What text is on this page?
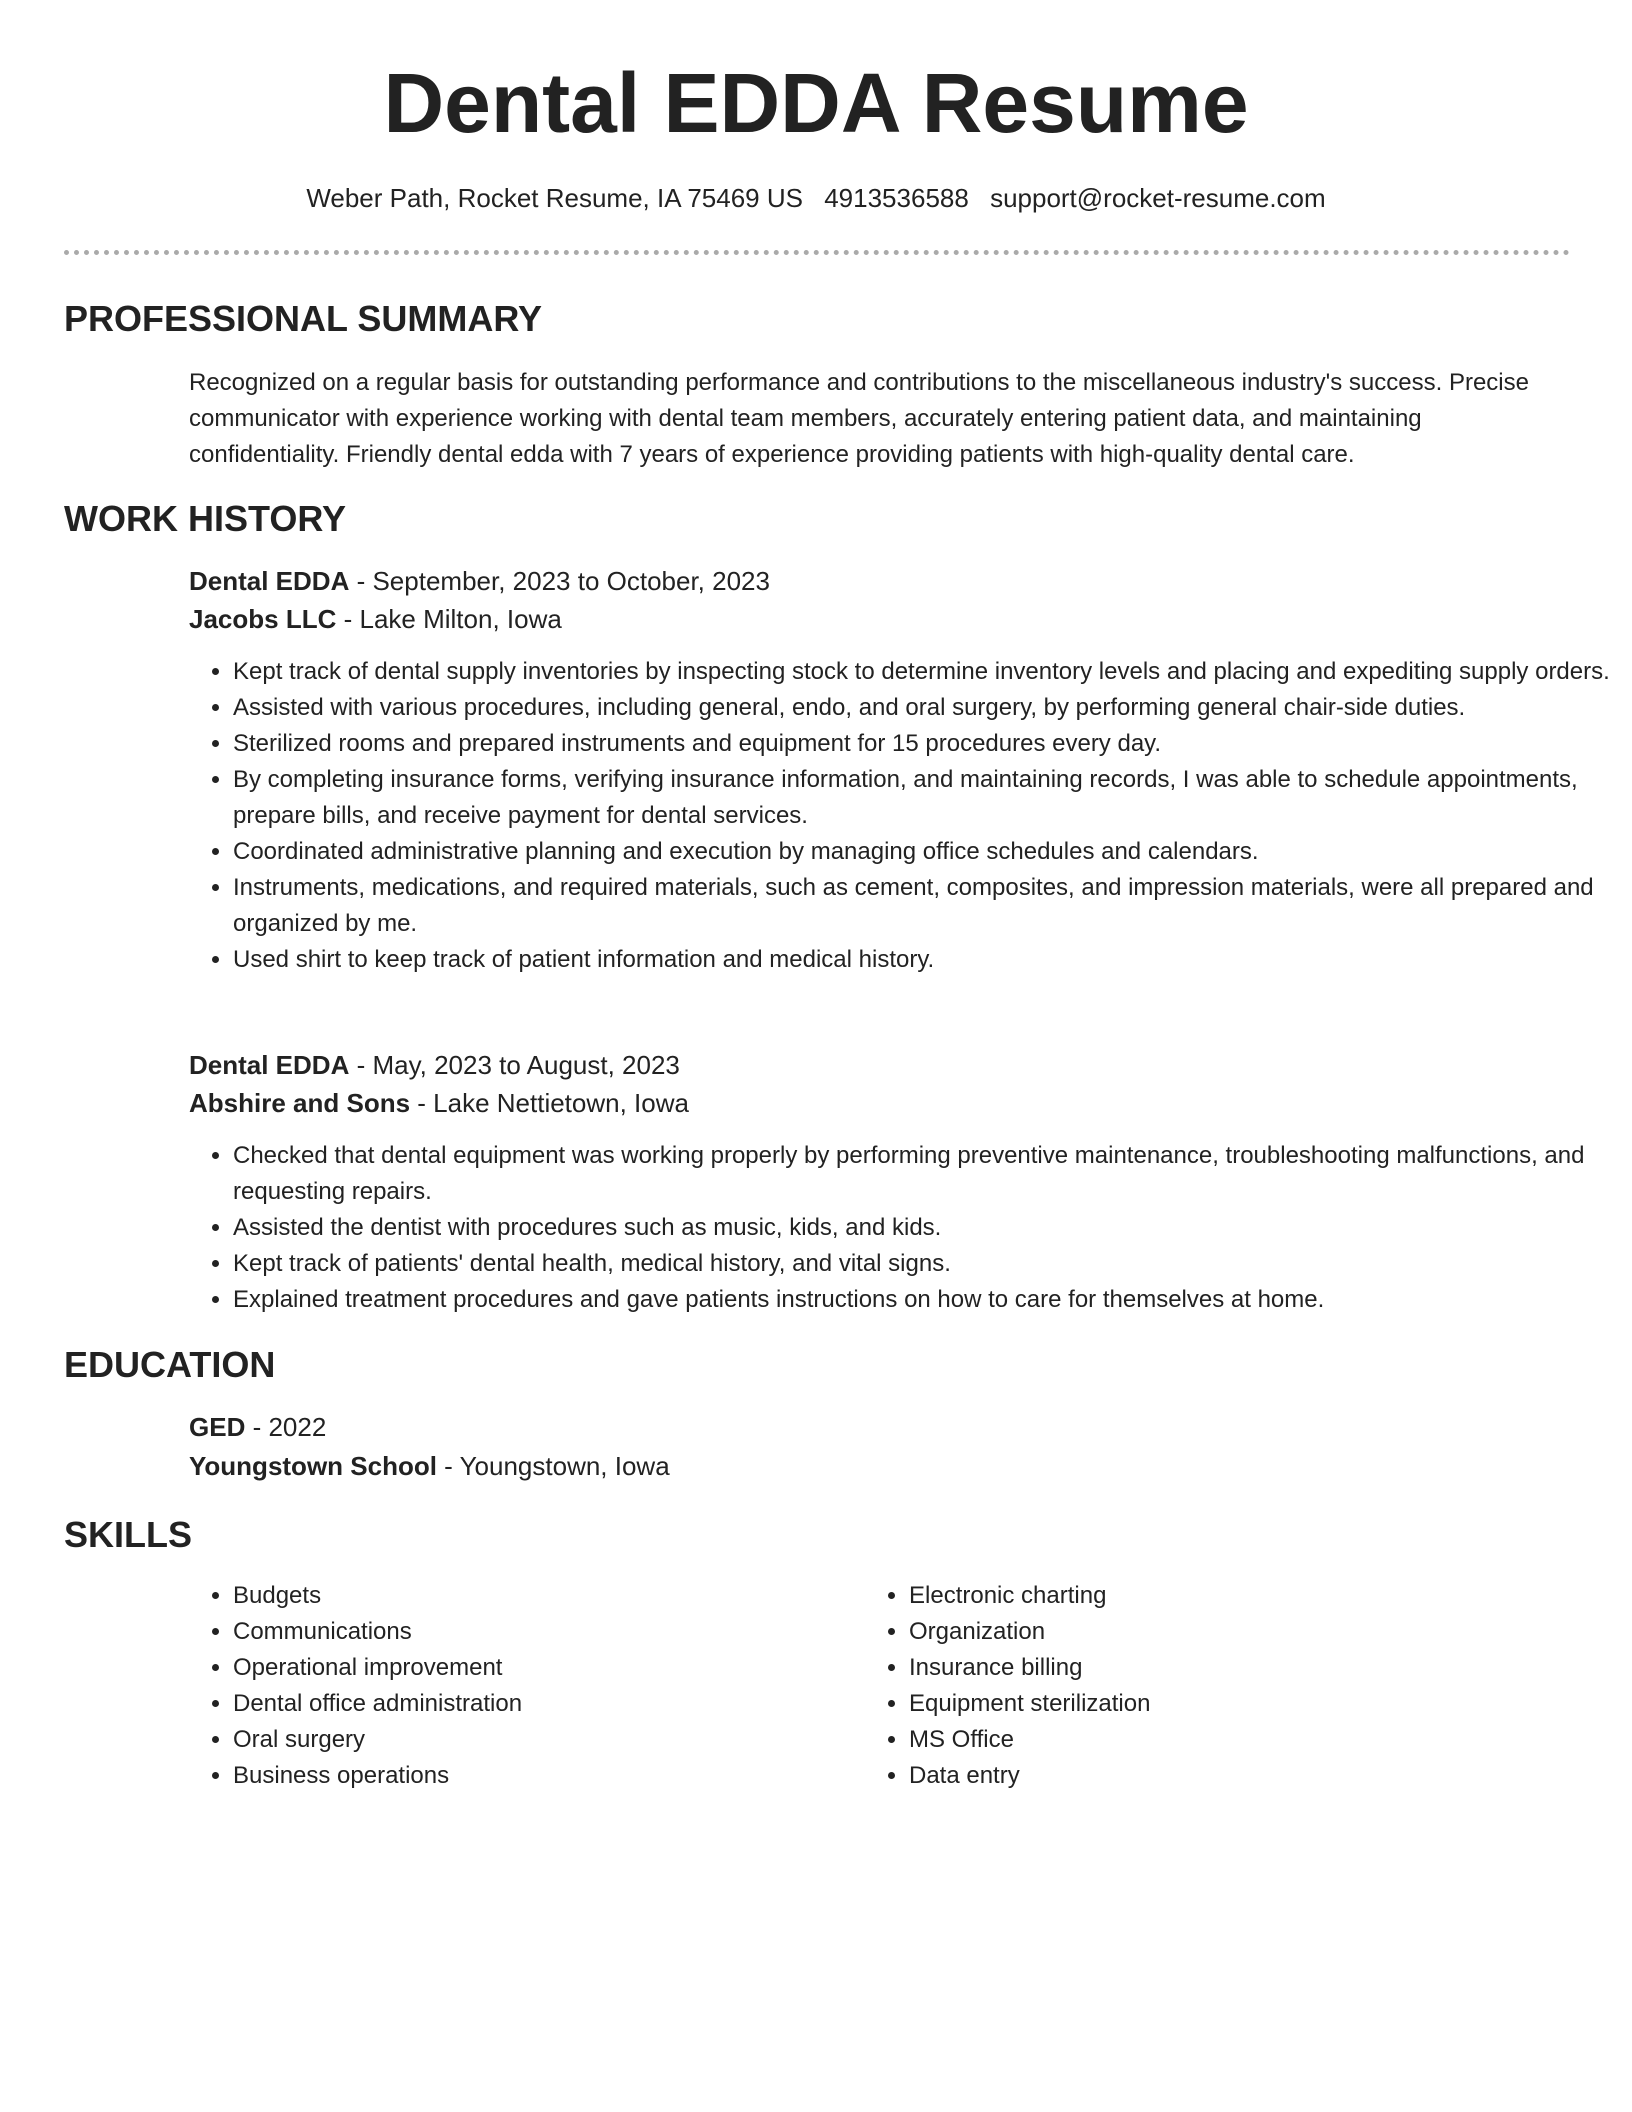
Dental EDDA Resume
Weber Path, Rocket Resume, IA 75469 US 4913536588 support@rocket-resume.com
PROFESSIONAL SUMMARY

Recognized on a regular basis for outstanding performance and contributions to the miscellaneous industry's success. Precise communicator with experience working with dental team members, accurately entering patient data, and maintaining confidentiality. Friendly dental edda with 7 years of experience providing patients with high-quality dental care.

WORK HISTORY
Dental EDDA - September, 2023 to October, 2023
Jacobs LLC - Lake Milton, Iowa
• Kept track of dental supply inventories by inspecting stock to determine inventory levels and placing and expediting supply orders.
• Assisted with various procedures, including general, endo, and oral surgery, by performing general chair-side duties.
• Sterilized rooms and prepared instruments and equipment for 15 procedures every day.
• By completing insurance forms, verifying insurance information, and maintaining records, I was able to schedule appointments, prepare bills, and receive payment for dental services.
• Coordinated administrative planning and execution by managing office schedules and calendars.
• Instruments, medications, and required materials, such as cement, composites, and impression materials, were all prepared and organized by me.
• Used shirt to keep track of patient information and medical history.
Dental EDDA - May, 2023 to August, 2023
Abshire and Sons - Lake Nettietown, Iowa
• Checked that dental equipment was working properly by performing preventive maintenance, troubleshooting malfunctions, and requesting repairs.
• Assisted the dentist with procedures such as music, kids, and kids.
• Kept track of patients' dental health, medical history, and vital signs.
• Explained treatment procedures and gave patients instructions on how to care for themselves at home.
EDUCATION
GED - 2022
Youngstown School - Youngstown, Iowa
SKILLS
• Budgets
• Communications
• Operational improvement
• Dental office administration
• Oral surgery
• Business operations
• Electronic charting
• Organization
• Insurance billing
• Equipment sterilization
• MS Office
• Data entry
